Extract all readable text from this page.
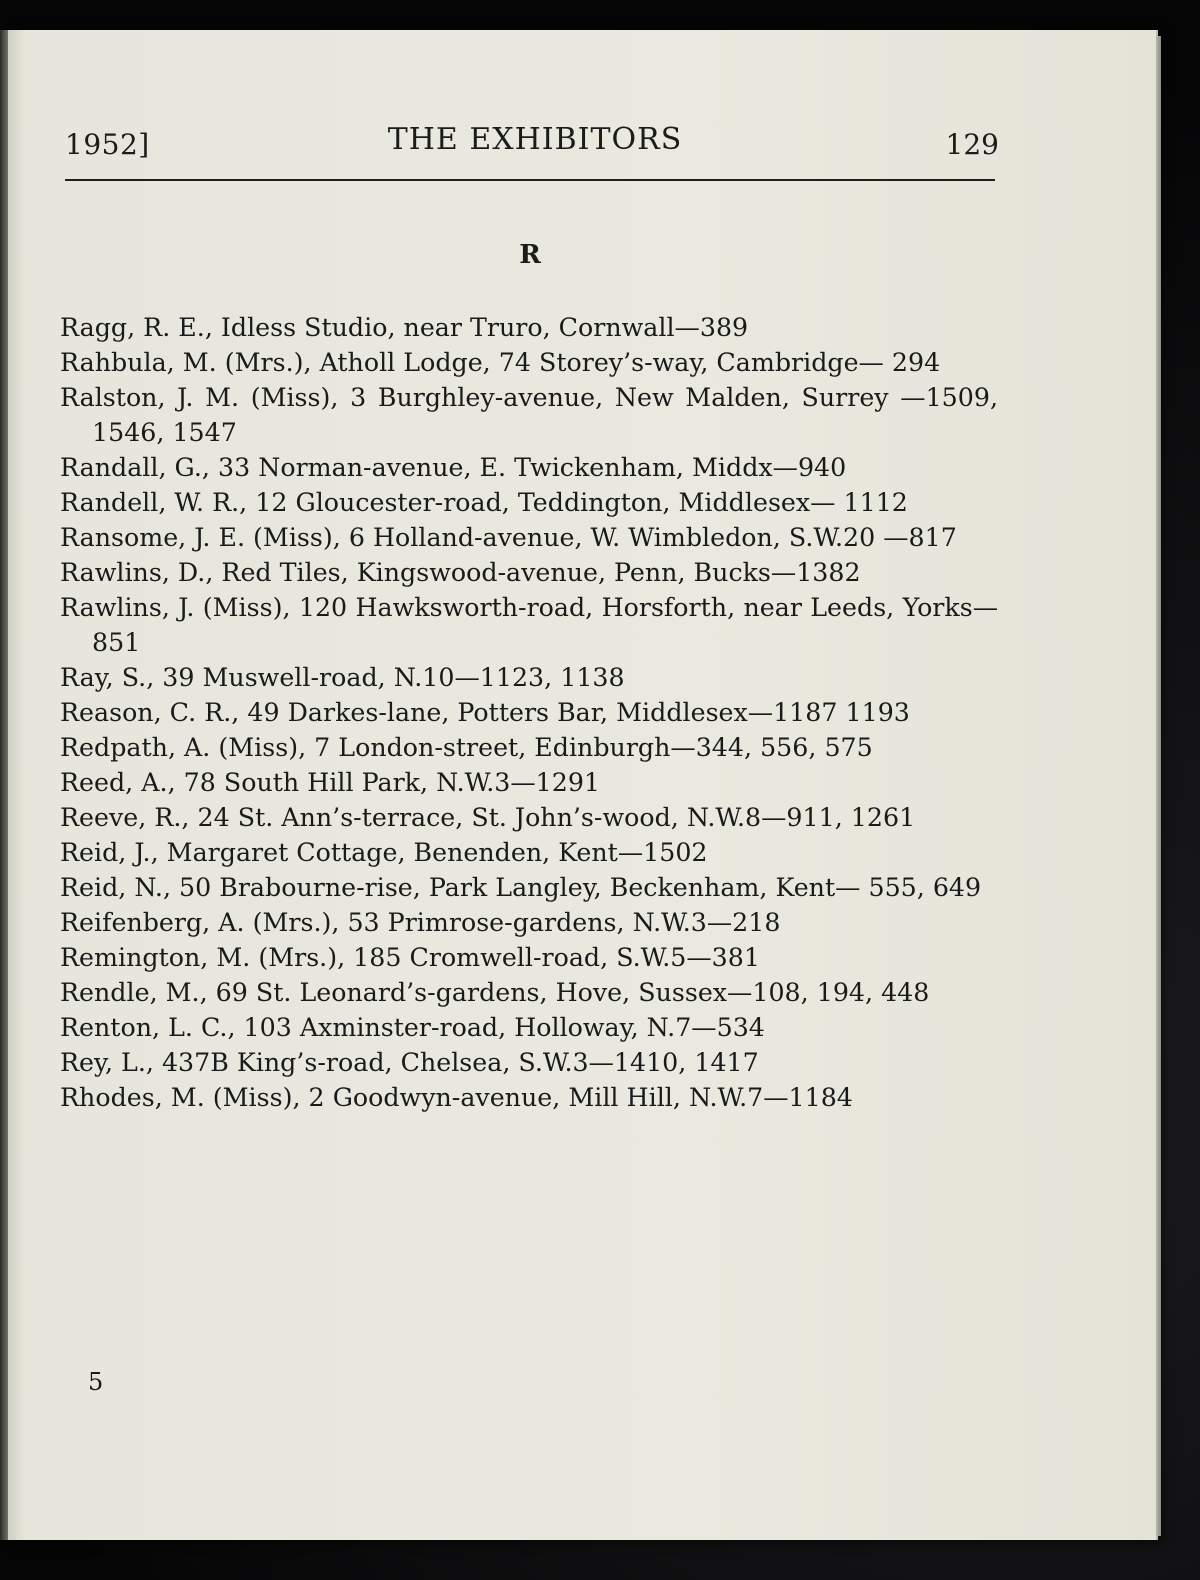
1952]	THE EXHIBITORS	129
R

Ragg, R. E., Idless Studio, near Truro, Cornwall—389

Rahbula, M. (Mrs.), Atholl Lodge, 74 Storey’s-way, Cambridge— 294

Ralston, J. M. (Miss), 3 Burghley-avenue, New Malden, Surrey —1509, 1546, 1547

Randall, G., 33 Norman-avenue, E. Twickenham, Middx—940

Randell, W. R., 12 Gloucester-road, Teddington, Middlesex— 1112

Ransome, J. E. (Miss), 6 Holland-avenue, W. Wimbledon, S.W.20 —817

Rawlins, D., Red Tiles, Kingswood-avenue, Penn, Bucks—1382

Rawlins, J. (Miss), 120 Hawksworth-road, Horsforth, near Leeds, Yorks—851

Ray, S., 39 Muswell-road, N.10—1123, 1138

Reason, C. R., 49 Darkes-lane, Potters Bar, Middlesex—1187 1193

Redpath, A. (Miss), 7 London-street, Edinburgh—344, 556, 575

Reed, A., 78 South Hill Park, N.W.3—1291

Reeve, R., 24 St. Ann’s-terrace, St. John’s-wood, N.W.8—911, 1261

Reid, J., Margaret Cottage, Benenden, Kent—1502

Reid, N., 50 Brabourne-rise, Park Langley, Beckenham, Kent— 555, 649

Reifenberg, A. (Mrs.), 53 Primrose-gardens, N.W.3—218

Remington, M. (Mrs.), 185 Cromwell-road, S.W.5—381

Rendle, M., 69 St. Leonard’s-gardens, Hove, Sussex—108, 194, 448

Renton, L. C., 103 Axminster-road, Holloway, N.7—534

Rey, L., 437B King’s-road, Chelsea, S.W.3—1410, 1417

Rhodes, M. (Miss), 2 Goodwyn-avenue, Mill Hill, N.W.7—1184

5
